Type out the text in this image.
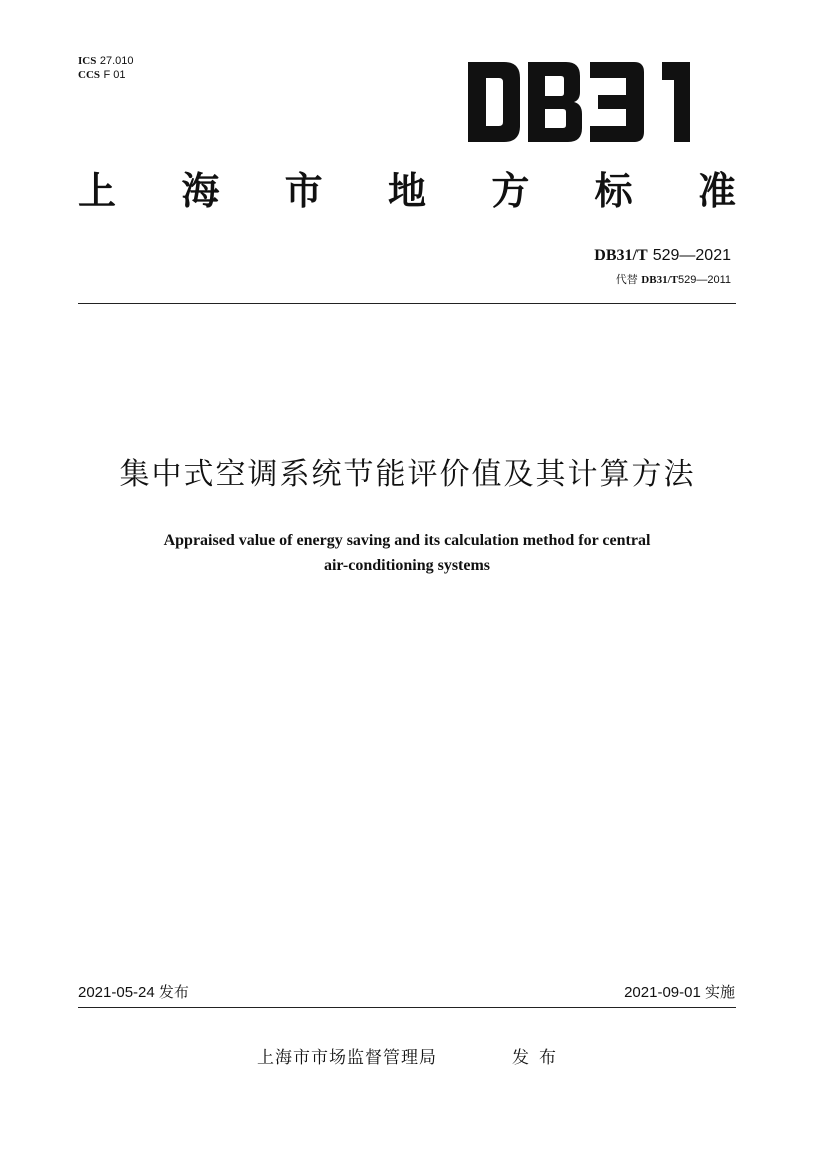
ICS 27.010
CCS F 01
上 海 市 地 方 标 准
DB31/T 529—2021
代替 DB31/T529—2011
集中式空调系统节能评价值及其计算方法
Appraised value of energy saving and its calculation method for central
air-conditioning systems
2021-05-24 发布	2021-09-01 实施
上海市市场监督管理局	发布
